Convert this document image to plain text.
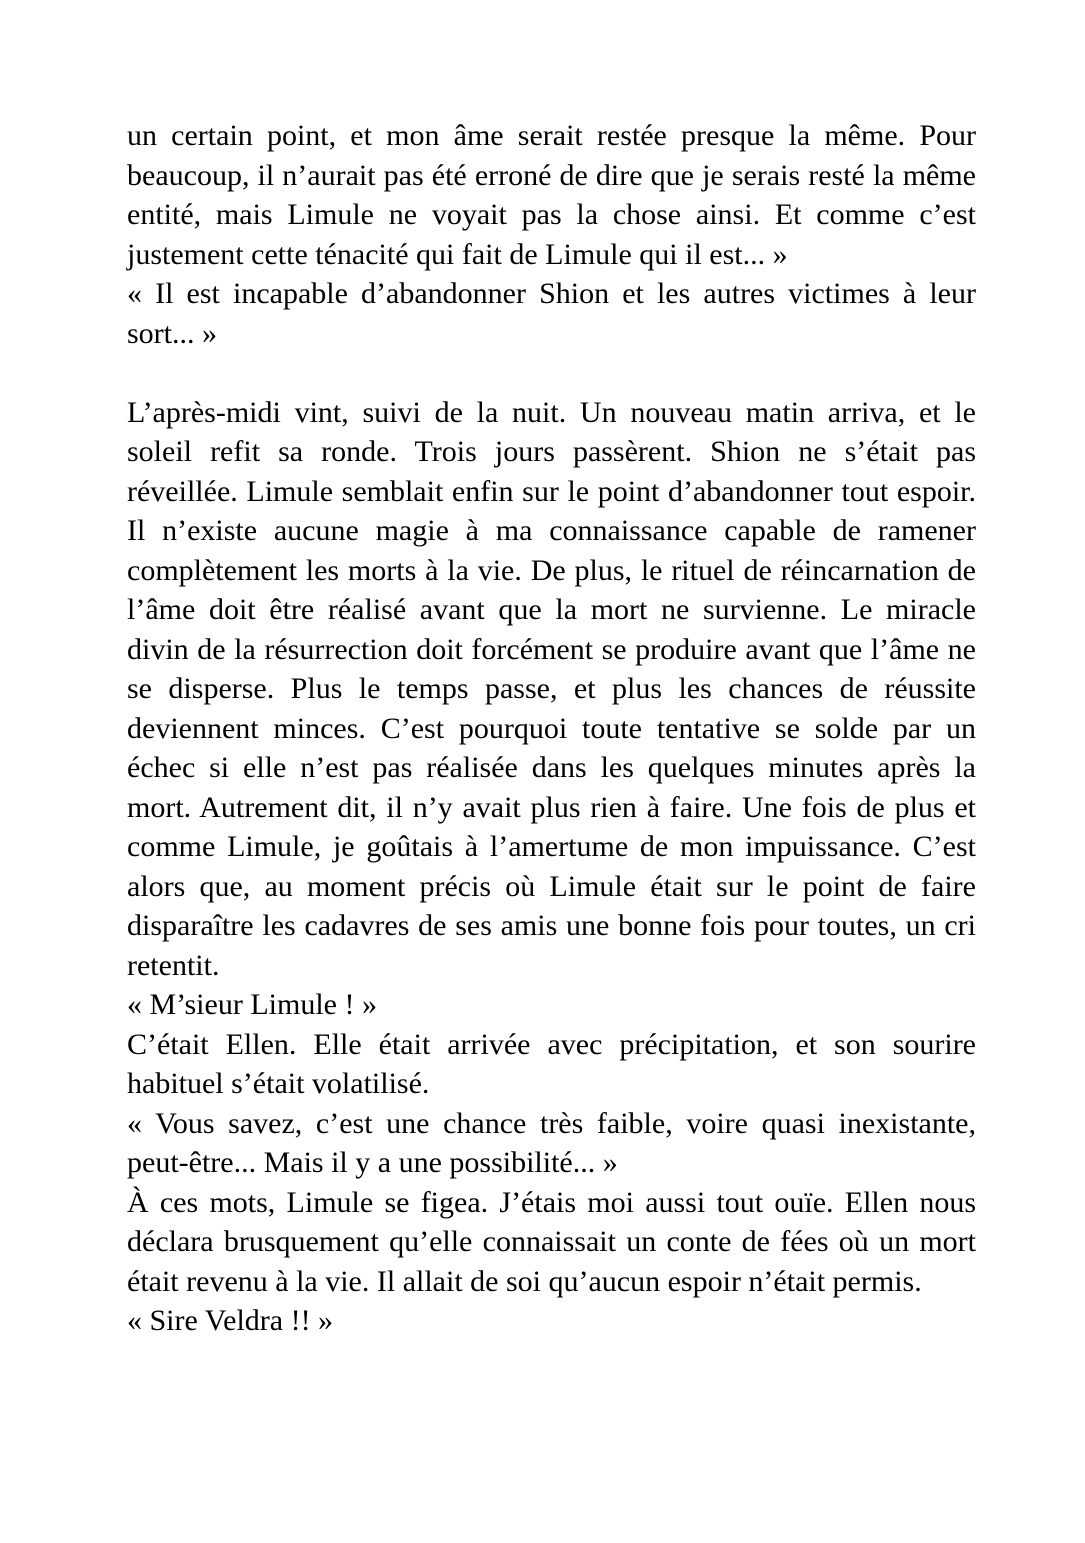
un certain point, et mon âme serait restée presque la même. Pour beaucoup, il n’aurait pas été erroné de dire que je serais resté la même entité, mais Limule ne voyait pas la chose ainsi. Et comme c’est justement cette ténacité qui fait de Limule qui il est... »

« Il est incapable d’abandonner Shion et les autres victimes à leur sort... »

L’après-midi vint, suivi de la nuit. Un nouveau matin arriva, et le soleil refit sa ronde. Trois jours passèrent. Shion ne s’était pas réveillée. Limule semblait enfin sur le point d’abandonner tout espoir. Il n’existe aucune magie à ma connaissance capable de ramener complètement les morts à la vie. De plus, le rituel de réincarnation de l’âme doit être réalisé avant que la mort ne survienne. Le miracle divin de la résurrection doit forcément se produire avant que l’âme ne se disperse. Plus le temps passe, et plus les chances de réussite deviennent minces. C’est pourquoi toute tentative se solde par un échec si elle n’est pas réalisée dans les quelques minutes après la mort. Autrement dit, il n’y avait plus rien à faire. Une fois de plus et comme Limule, je goûtais à l’amertume de mon impuissance. C’est alors que, au moment précis où Limule était sur le point de faire disparaître les cadavres de ses amis une bonne fois pour toutes, un cri retentit.

« M’sieur Limule ! »

C’était Ellen. Elle était arrivée avec précipitation, et son sourire habituel s’était volatilisé.

« Vous savez, c’est une chance très faible, voire quasi inexistante, peut-être... Mais il y a une possibilité... »

À ces mots, Limule se figea. J’étais moi aussi tout ouïe. Ellen nous déclara brusquement qu’elle connaissait un conte de fées où un mort était revenu à la vie. Il allait de soi qu’aucun espoir n’était permis.

« Sire Veldra !! »
